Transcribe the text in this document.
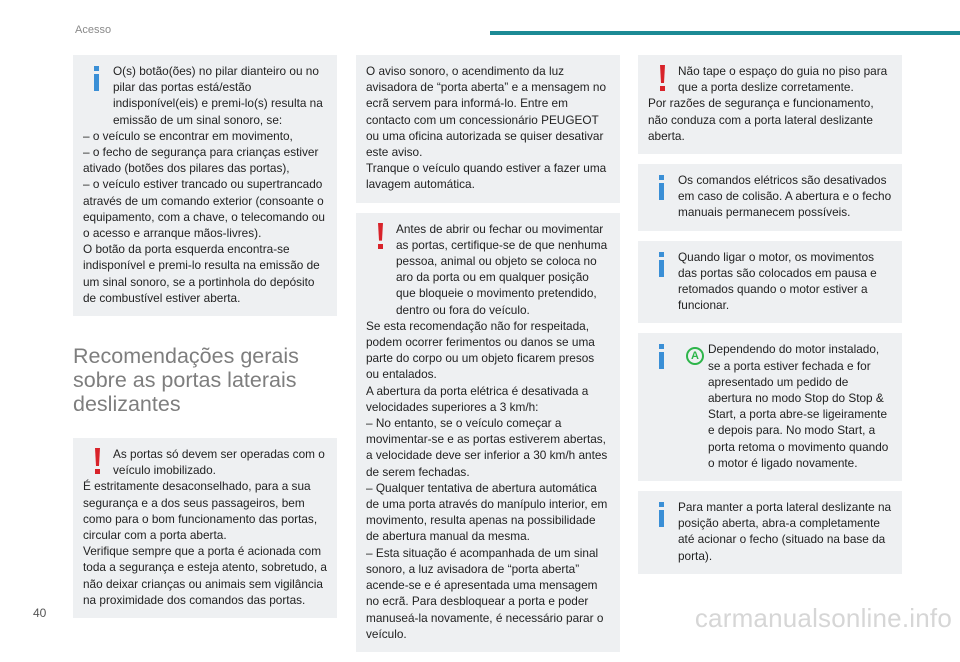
Acesso

O(s) botão(ões) no pilar dianteiro ou no pilar das portas está/estão indisponível(eis) e premi-lo(s) resulta na emissão de um sinal sonoro, se:

– o veículo se encontrar em movimento,

– o fecho de segurança para crianças estiver ativado (botões dos pilares das portas),

– o veículo estiver trancado ou supertrancado através de um comando exterior (consoante o equipamento, com a chave, o telecomando ou o acesso e arranque mãos-livres).

O botão da porta esquerda encontra-se indisponível e premi-lo resulta na emissão de um sinal sonoro, se a portinhola do depósito de combustível estiver aberta.

Recomendações gerais sobre as portas laterais deslizantes

As portas só devem ser operadas com o veículo imobilizado.

É estritamente desaconselhado, para a sua segurança e a dos seus passageiros, bem como para o bom funcionamento das portas, circular com a porta aberta.

Verifique sempre que a porta é acionada com toda a segurança e esteja atento, sobretudo, a não deixar crianças ou animais sem vigilância na proximidade dos comandos das portas.

O aviso sonoro, o acendimento da luz avisadora de “porta aberta” e a mensagem no ecrã servem para informá-lo. Entre em contacto com um concessionário PEUGEOT ou uma oficina autorizada se quiser desativar este aviso.

Tranque o veículo quando estiver a fazer uma lavagem automática.

Antes de abrir ou fechar ou movimentar as portas, certifique-se de que nenhuma pessoa, animal ou objeto se coloca no aro da porta ou em qualquer posição que bloqueie o movimento pretendido, dentro ou fora do veículo.

Se esta recomendação não for respeitada, podem ocorrer ferimentos ou danos se uma parte do corpo ou um objeto ficarem presos ou entalados.

A abertura da porta elétrica é desativada a velocidades superiores a 3 km/h:

– No entanto, se o veículo começar a movimentar-se e as portas estiverem abertas, a velocidade deve ser inferior a 30 km/h antes de serem fechadas.

– Qualquer tentativa de abertura automática de uma porta através do manípulo interior, em movimento, resulta apenas na possibilidade de abertura manual da mesma.

– Esta situação é acompanhada de um sinal sonoro, a luz avisadora de “porta aberta” acende-se e é apresentada uma mensagem no ecrã. Para desbloquear a porta e poder manuseá-la novamente, é necessário parar o veículo.

Não tape o espaço do guia no piso para que a porta deslize corretamente.

Por razões de segurança e funcionamento, não conduza com a porta lateral deslizante aberta.

Os comandos elétricos são desativados em caso de colisão. A abertura e o fecho manuais permanecem possíveis.

Quando ligar o motor, os movimentos das portas são colocados em pausa e retomados quando o motor estiver a funcionar.

A Dependendo do motor instalado, se a porta estiver fechada e for apresentado um pedido de abertura no modo Stop do Stop & Start, a porta abre-se ligeiramente e depois para. No modo Start, a porta retoma o movimento quando o motor é ligado novamente.

Para manter a porta lateral deslizante na posição aberta, abra-a completamente até acionar o fecho (situado na base da porta).

40	carmanualsonline.info
